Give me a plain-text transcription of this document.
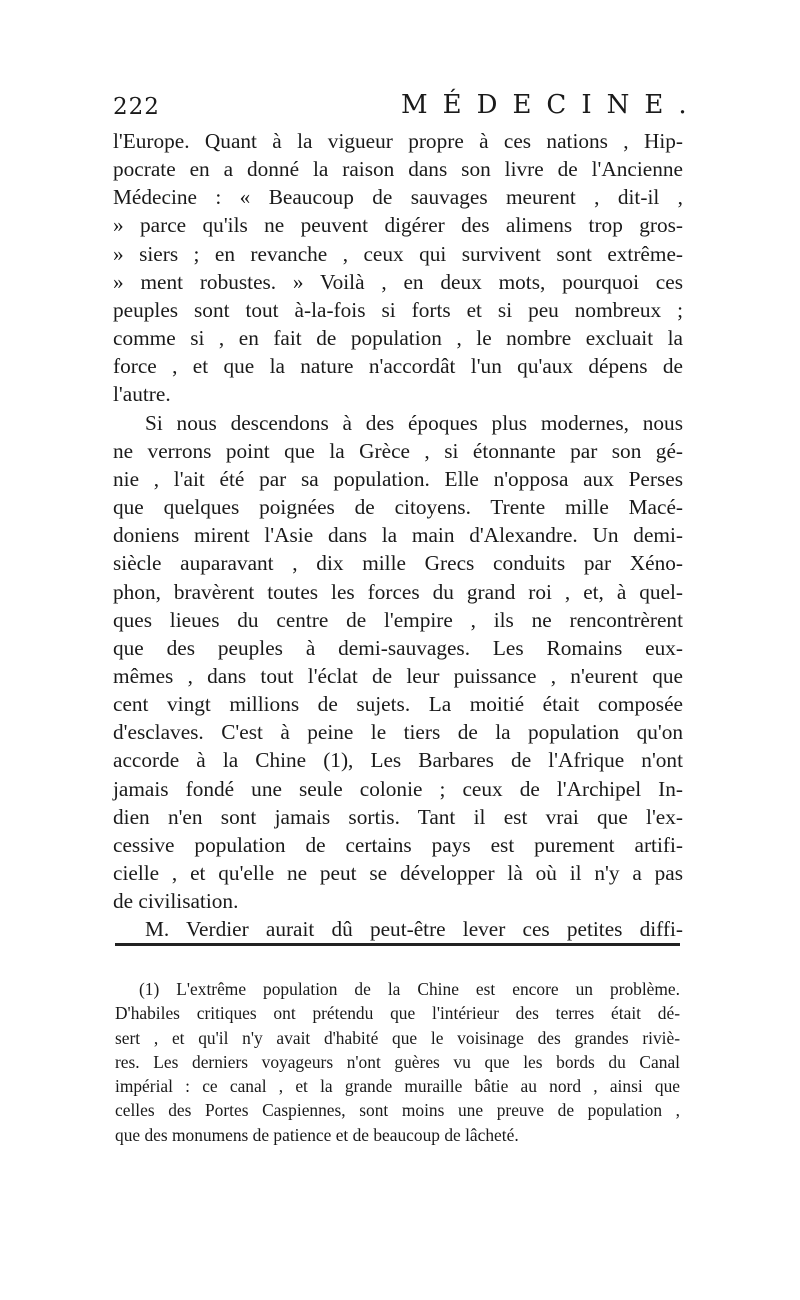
222	MÉDECINE.
l'Europe. Quant à la vigueur propre à ces nations , Hip-
pocrate en a donné la raison dans son livre de l'Ancienne
Médecine : « Beaucoup de sauvages meurent , dit-il ,
» parce qu'ils ne peuvent digérer des alimens trop gros-
» siers ; en revanche , ceux qui survivent sont extrême-
» ment robustes. » Voilà , en deux mots, pourquoi ces
peuples sont tout à-la-fois si forts et si peu nombreux ;
comme si , en fait de population , le nombre excluait la
force , et que la nature n'accordât l'un qu'aux dépens de
l'autre.
Si nous descendons à des époques plus modernes, nous
ne verrons point que la Grèce , si étonnante par son gé-
nie , l'ait été par sa population. Elle n'opposa aux Perses
que quelques poignées de citoyens. Trente mille Macé-
doniens mirent l'Asie dans la main d'Alexandre. Un demi-
siècle auparavant , dix mille Grecs conduits par Xéno-
phon, bravèrent toutes les forces du grand roi , et, à quel-
ques lieues du centre de l'empire , ils ne rencontrèrent
que des peuples à demi-sauvages. Les Romains eux-
mêmes , dans tout l'éclat de leur puissance , n'eurent que
cent vingt millions de sujets. La moitié était composée
d'esclaves. C'est à peine le tiers de la population qu'on
accorde à la Chine (1), Les Barbares de l'Afrique n'ont
jamais fondé une seule colonie ; ceux de l'Archipel In-
dien n'en sont jamais sortis. Tant il est vrai que l'ex-
cessive population de certains pays est purement artifi-
cielle , et qu'elle ne peut se développer là où il n'y a pas
de civilisation.
M. Verdier aurait dû peut-être lever ces petites diffi-
(1) L'extrême population de la Chine est encore un problème.
D'habiles critiques ont prétendu que l'intérieur des terres était dé-
sert , et qu'il n'y avait d'habité que le voisinage des grandes riviè-
res. Les derniers voyageurs n'ont guères vu que les bords du Canal
impérial : ce canal , et la grande muraille bâtie au nord , ainsi que
celles des Portes Caspiennes, sont moins une preuve de population ,
que des monumens de patience et de beaucoup de lâcheté.
